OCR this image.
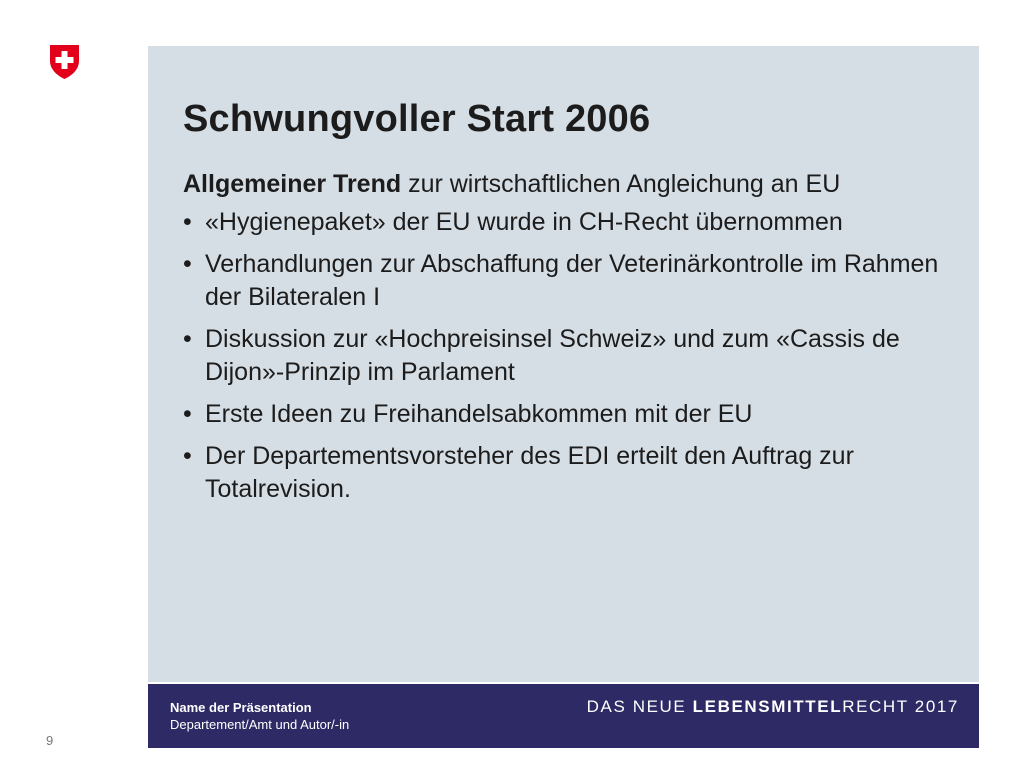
Schwungvoller Start 2006

Allgemeiner Trend zur wirtschaftlichen Angleichung an EU

• «Hygienepaket» der EU wurde in CH-Recht übernommen
• Verhandlungen zur Abschaffung der Veterinärkontrolle im Rahmen der Bilateralen I
• Diskussion zur «Hochpreisinsel Schweiz» und zum «Cassis de Dijon»-Prinzip im Parlament
• Erste Ideen zu Freihandelsabkommen mit der EU
• Der Departementsvorsteher des EDI erteilt den Auftrag zur Totalrevision.
Name der Präsentation
Departement/Amt und Autor/-in
DAS NEUE LEBENSMITTELRECHT 2017
9
